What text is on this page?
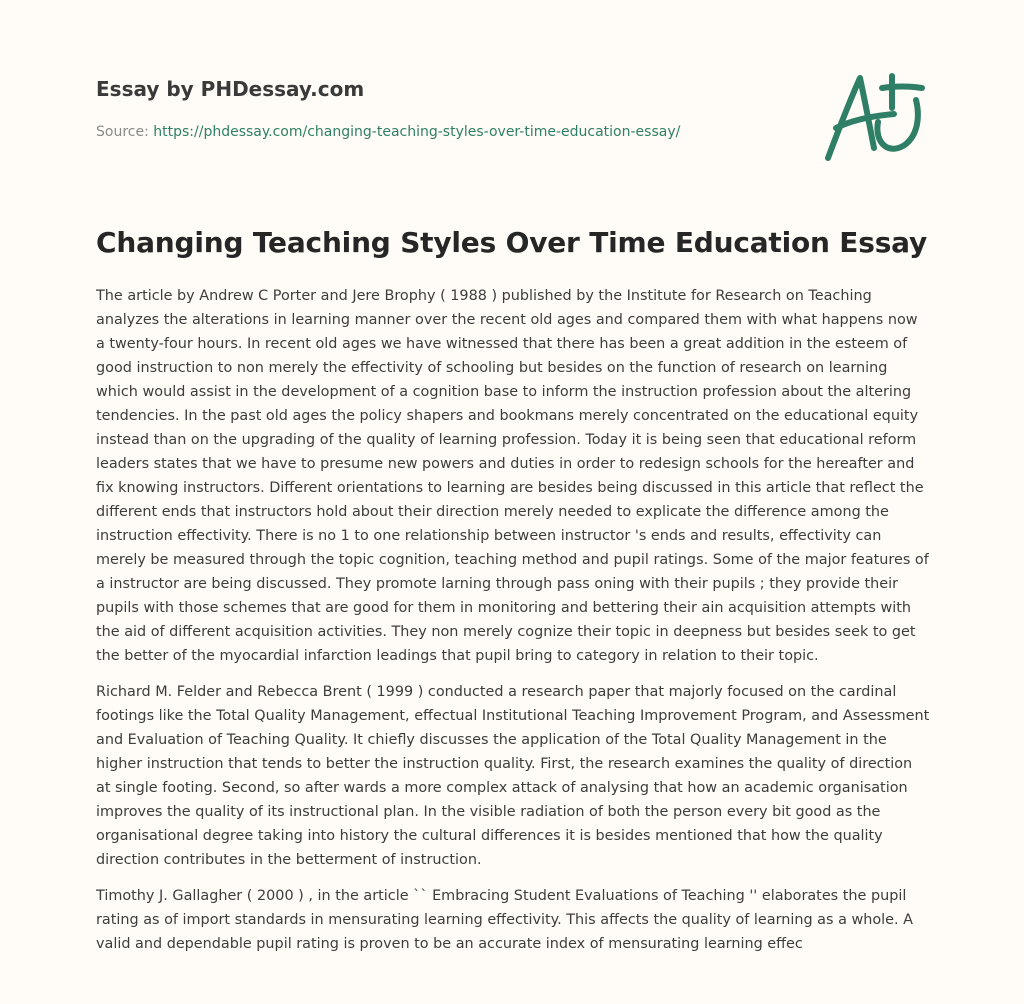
Essay by PHDessay.com
Source: https://phdessay.com/changing-teaching-styles-over-time-education-essay/
Changing Teaching Styles Over Time Education Essay

The article by Andrew C Porter and Jere Brophy ( 1988 ) published by the Institute for Research on Teaching analyzes the alterations in learning manner over the recent old ages and compared them with what happens now a twenty-four hours. In recent old ages we have witnessed that there has been a great addition in the esteem of good instruction to non merely the effectivity of schooling but besides on the function of research on learning which would assist in the development of a cognition base to inform the instruction profession about the altering tendencies. In the past old ages the policy shapers and bookmans merely concentrated on the educational equity instead than on the upgrading of the quality of learning profession. Today it is being seen that educational reform leaders states that we have to presume new powers and duties in order to redesign schools for the hereafter and fix knowing instructors. Different orientations to learning are besides being discussed in this article that reflect the different ends that instructors hold about their direction merely needed to explicate the difference among the instruction effectivity. There is no 1 to one relationship between instructor 's ends and results, effectivity can merely be measured through the topic cognition, teaching method and pupil ratings. Some of the major features of a instructor are being discussed. They promote larning through pass oning with their pupils ; they provide their pupils with those schemes that are good for them in monitoring and bettering their ain acquisition attempts with the aid of different acquisition activities. They non merely cognize their topic in deepness but besides seek to get the better of the myocardial infarction leadings that pupil bring to category in relation to their topic.

Richard M. Felder and Rebecca Brent ( 1999 ) conducted a research paper that majorly focused on the cardinal footings like the Total Quality Management, effectual Institutional Teaching Improvement Program, and Assessment and Evaluation of Teaching Quality. It chiefly discusses the application of the Total Quality Management in the higher instruction that tends to better the instruction quality. First, the research examines the quality of direction at single footing. Second, so after wards a more complex attack of analysing that how an academic organisation improves the quality of its instructional plan. In the visible radiation of both the person every bit good as the organisational degree taking into history the cultural differences it is besides mentioned that how the quality direction contributes in the betterment of instruction.

Timothy J. Gallagher ( 2000 ) , in the article `` Embracing Student Evaluations of Teaching '' elaborates the pupil rating as of import standards in mensurating learning effectivity. This affects the quality of learning as a whole. A valid and dependable pupil rating is proven to be an accurate index of mensurating learning effec
